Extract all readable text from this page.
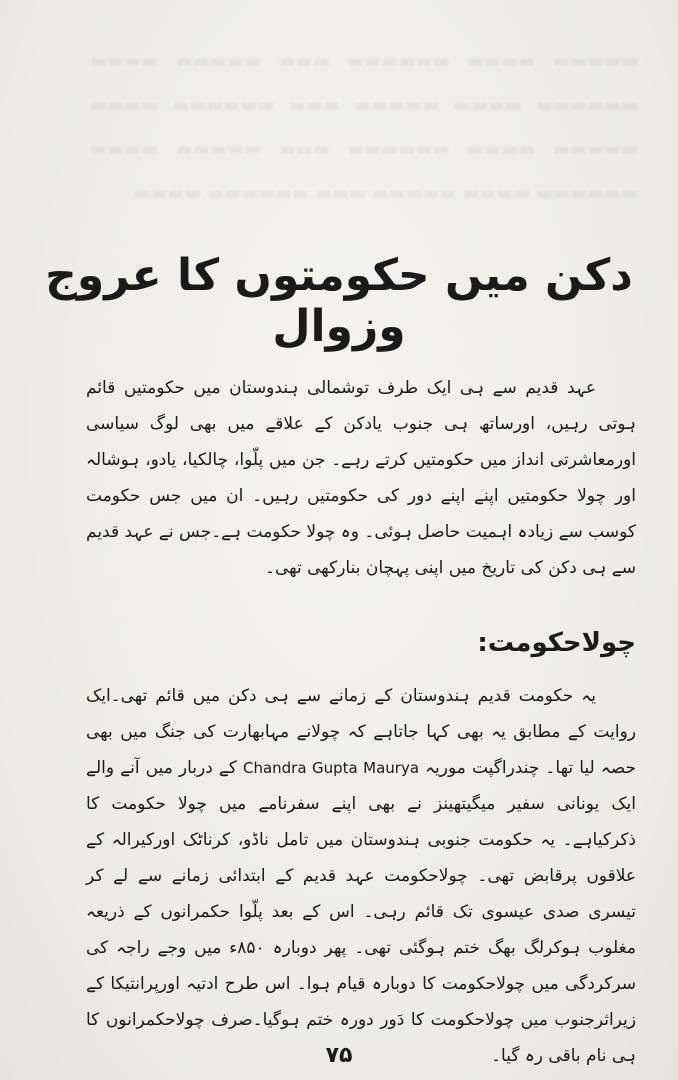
▬▬▬▬▬ ▬▬▬▬ ▬▬▬▬▬▬ ▬▬▬ ▬▬▬▬▬ ▬▬▬▬ ▬▬▬▬▬▬ ▬▬▬▬ ▬▬▬▬▬ ▬▬▬ ▬▬▬▬▬▬ ▬▬▬▬ ▬▬▬▬▬ ▬▬▬▬ ▬▬▬▬▬▬ ▬▬▬ ▬▬▬▬▬ ▬▬▬▬ ▬▬▬▬▬▬ ▬▬▬▬ ▬▬▬▬▬ ▬▬▬ ▬▬▬▬▬▬ ▬▬▬▬
دکن میں حکومتوں کا عروج وزوال

عہد قدیم سے ہی ایک طرف توشمالی ہندوستان میں حکومتیں قائم ہوتی رہیں، اورساتھ ہی جنوب یادکن کے علاقے میں بھی لوگ سیاسی اورمعاشرتی انداز میں حکومتیں کرتے رہے۔ جن میں پلّوا، چالکیا، یادو، ہوشالہ اور چولا حکومتیں اپنے اپنے دور کی حکومتیں رہیں۔ ان میں جس حکومت کوسب سے زیادہ اہمیت حاصل ہوئی۔ وہ چولا حکومت ہے۔جس نے عہد قدیم سے ہی دکن کی تاریخ میں اپنی پہچان بنارکھی تھی۔

چولاحکومت:

یہ حکومت قدیم ہندوستان کے زمانے سے ہی دکن میں قائم تھی۔ایک روایت کے مطابق یہ بھی کہا جاتاہے کہ چولانے مہابھارت کی جنگ میں بھی حصہ لیا تھا۔ چندراگپت موریہ Chandra Gupta Maurya کے دربار میں آنے والے ایک یونانی سفیر میگیتھینز نے بھی اپنے سفرنامے میں چولا حکومت کا ذکرکیاہے۔ یہ حکومت جنوبی ہندوستان میں تامل ناڈو، کرناٹک اورکیرالہ کے علاقوں پرقابض تھی۔ چولاحکومت عہد قدیم کے ابتدائی زمانے سے لے کر تیسری صدی عیسوی تک قائم رہی۔ اس کے بعد پلّوا حکمرانوں کے ذریعہ مغلوب ہوکرلگ بھگ ختم ہوگئی تھی۔ پھر دوبارہ ۸۵۰ء میں وجے راجہ کی سرکردگی میں چولاحکومت کا دوبارہ قیام ہوا۔ اس طرح ادتیہ اورپرانتیکا کے زیراثرجنوب میں چولاحکومت کا دَور دورہ ختم ہوگیا۔صرف چولاحکمرانوں کا ہی نام باقی رہ گیا۔

۷۵
